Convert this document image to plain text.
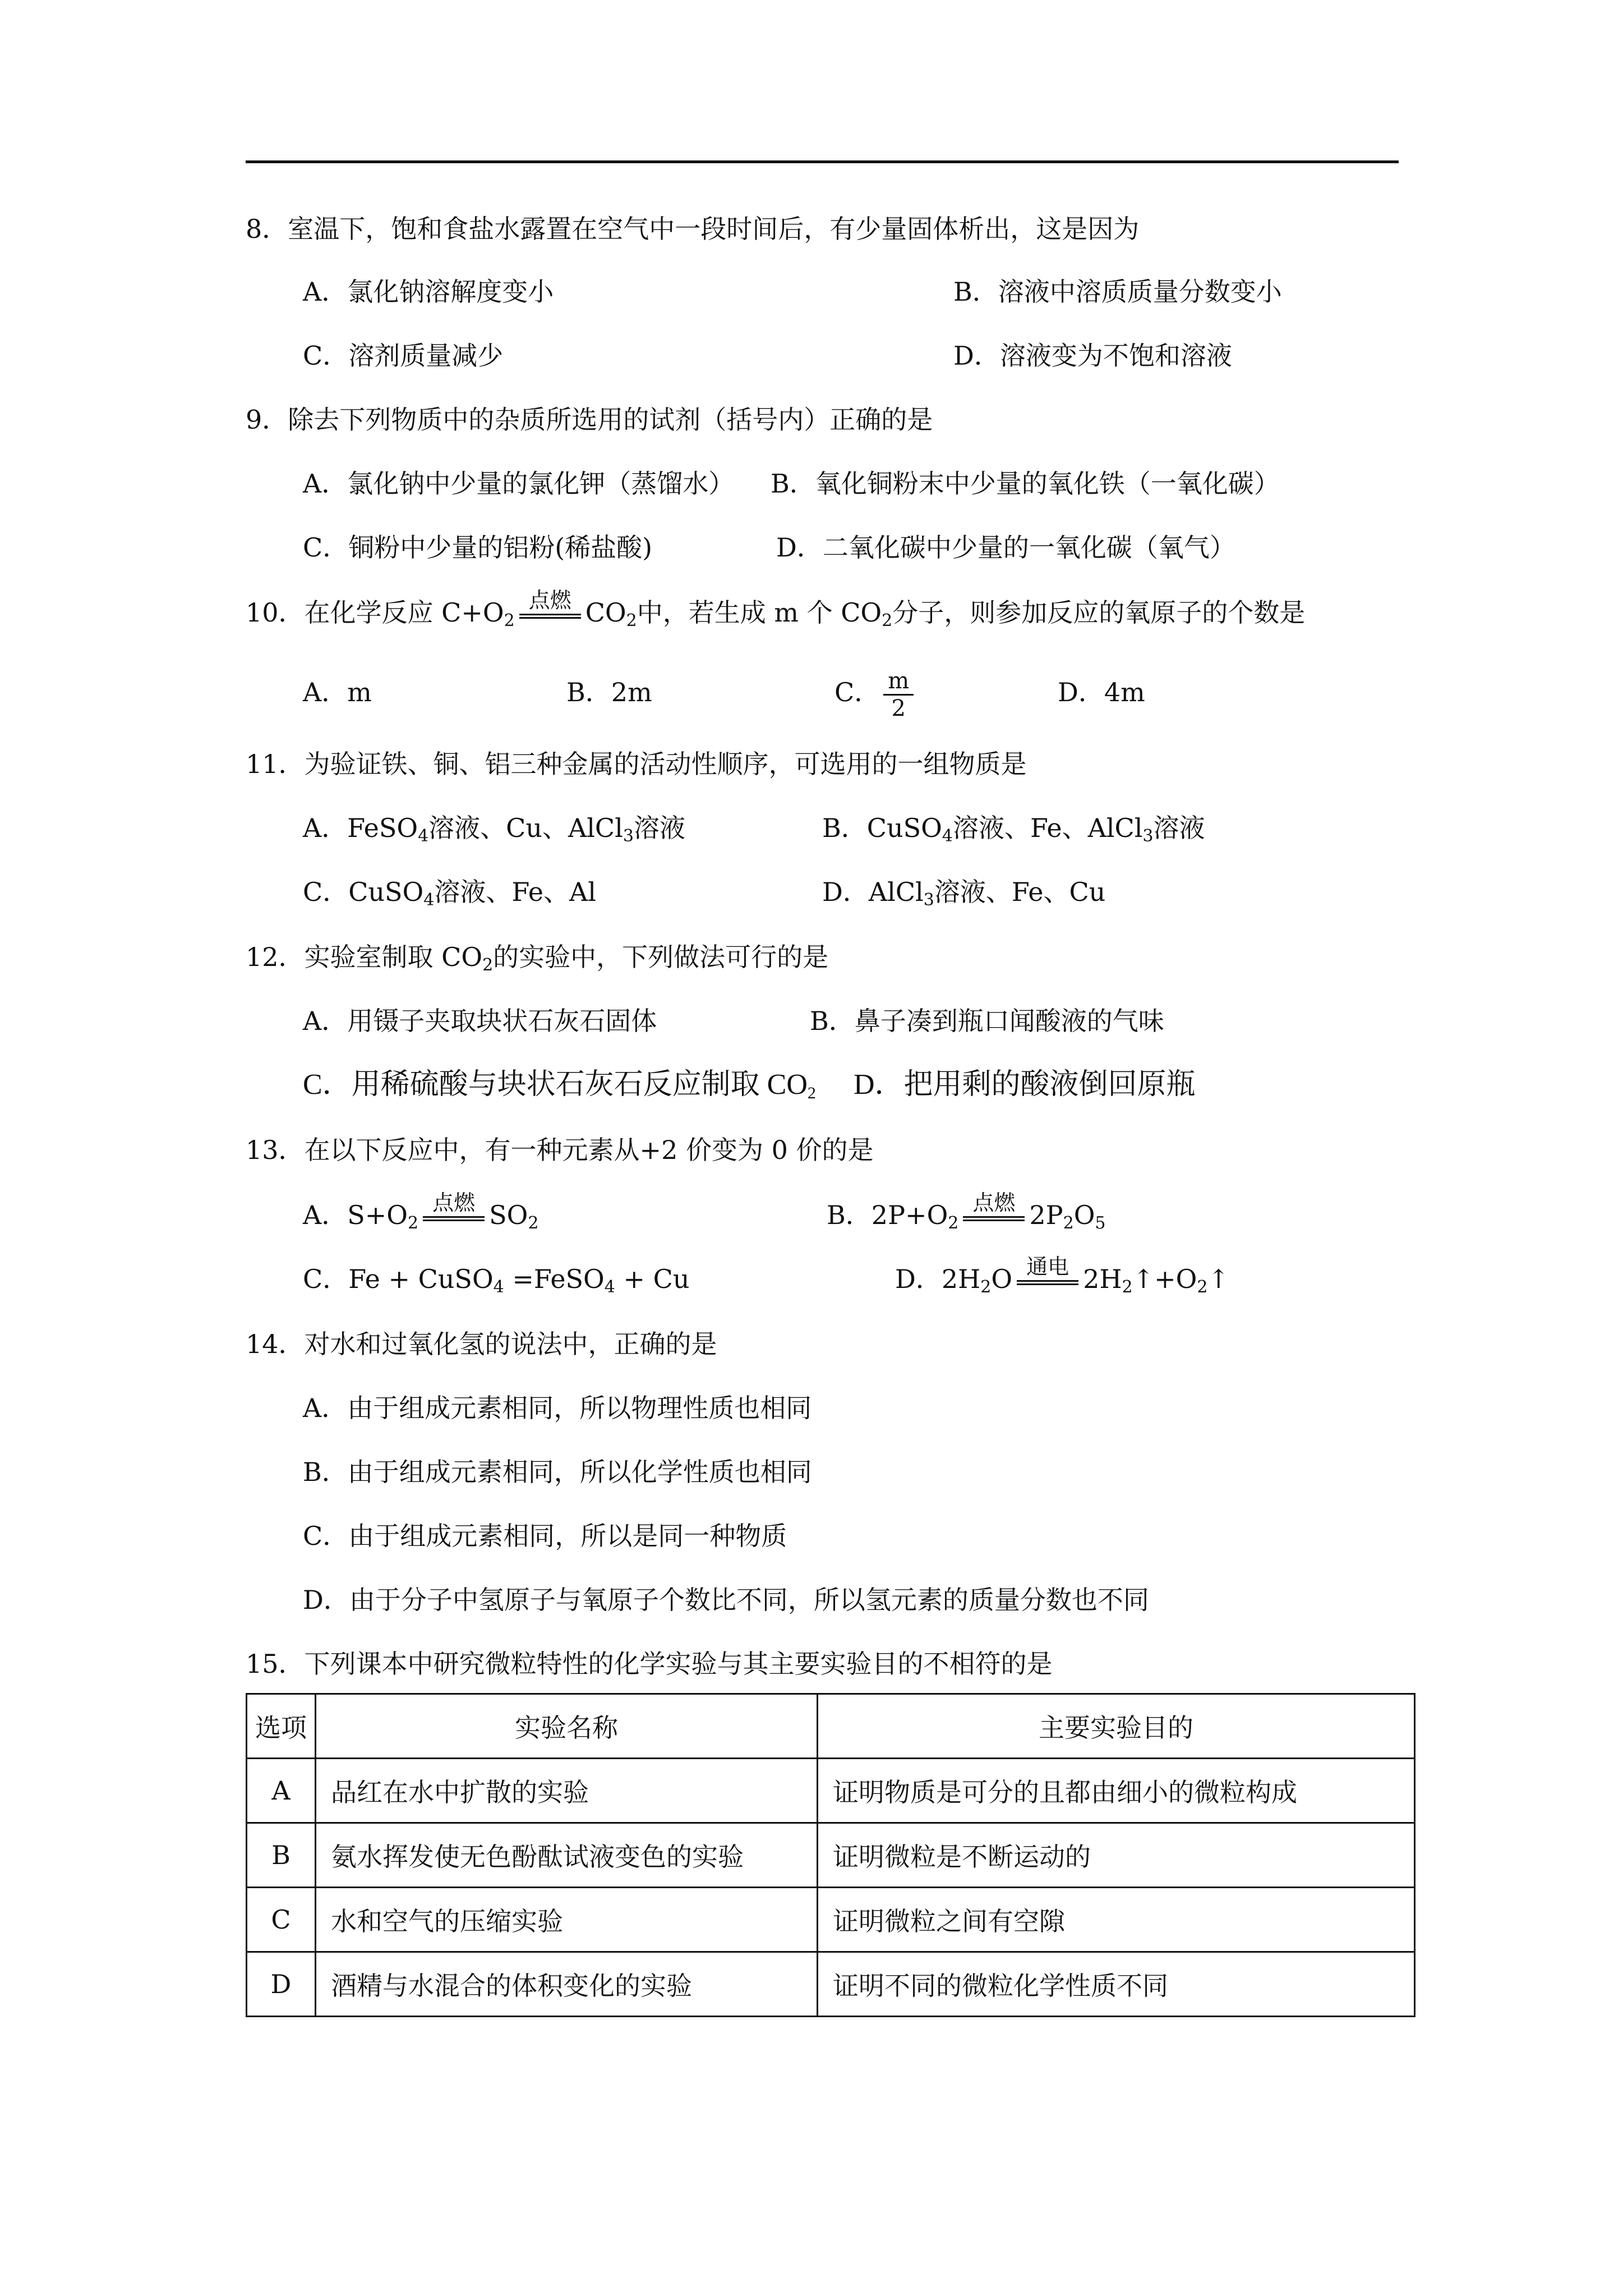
8．室温下，饱和食盐水露置在空气中一段时间后，有少量固体析出，这是因为
A．氯化钠溶解度变小	B．溶液中溶质质量分数变小
C．溶剂质量减少	D．溶液变为不饱和溶液
9．除去下列物质中的杂质所选用的试剂（括号内）正确的是
A．氯化钠中少量的氯化钾（蒸馏水） B．氧化铜粉末中少量的氧化铁（一氧化碳）
C．铜粉中少量的铝粉(稀盐酸)	D．二氧化碳中少量的一氧化碳（氧气）
10．在化学反应 $C+O_2$
点燃 $CO_2$中，若生成 m 个 $CO_2$分子，则参加反应的氧原子的个数是
A．m	B．2m	C． $\frac{m}{2}$	D．4m
11．为验证铁、铜、铝三种金属的活动性顺序，可选用的一组物质是
A．FeSO$_4$溶液、Cu、AlCl$_3$溶液	B．CuSO$_4$溶液、Fe、AlCl$_3$溶液
C．CuSO$_4$溶液、Fe、Al	D．AlCl$_3$溶液、Fe、Cu
12．实验室制取 $CO_2$的实验中，下列做法可行的是
A．用镊子夹取块状石灰石固体	B．鼻子凑到瓶口闻酸液的气味
C．用稀硫酸与块状石灰石反应制取 $CO_2$ D．把用剩的酸液倒回原瓶
13．在以下反应中，有一种元素从+2 价变为 0 价的是
A．$S+O_2$
点燃 $SO_2$	B．$2P+O_2$
点燃 $2P_2O_5$
C．Fe + CuSO$_4$ =FeSO$_4$ + Cu	D．$2H_2O$ 通电 $2H_2↑+O_2↑$
14．对水和过氧化氢的说法中，正确的是
A．由于组成元素相同，所以物理性质也相同
B．由于组成元素相同，所以化学性质也相同
C．由于组成元素相同，所以是同一种物质
D．由于分子中氢原子与氧原子个数比不同，所以氢元素的质量分数也不同
15．下列课本中研究微粒特性的化学实验与其主要实验目的不相符的是
选项	实验名称	主要实验目的
A	品红在水中扩散的实验	证明物质是可分的且都由细小的微粒构成
B	氨水挥发使无色酚酞试液变色的实验	证明微粒是不断运动的
C	水和空气的压缩实验	证明微粒之间有空隙
D	酒精与水混合的体积变化的实验	证明不同的微粒化学性质不同
